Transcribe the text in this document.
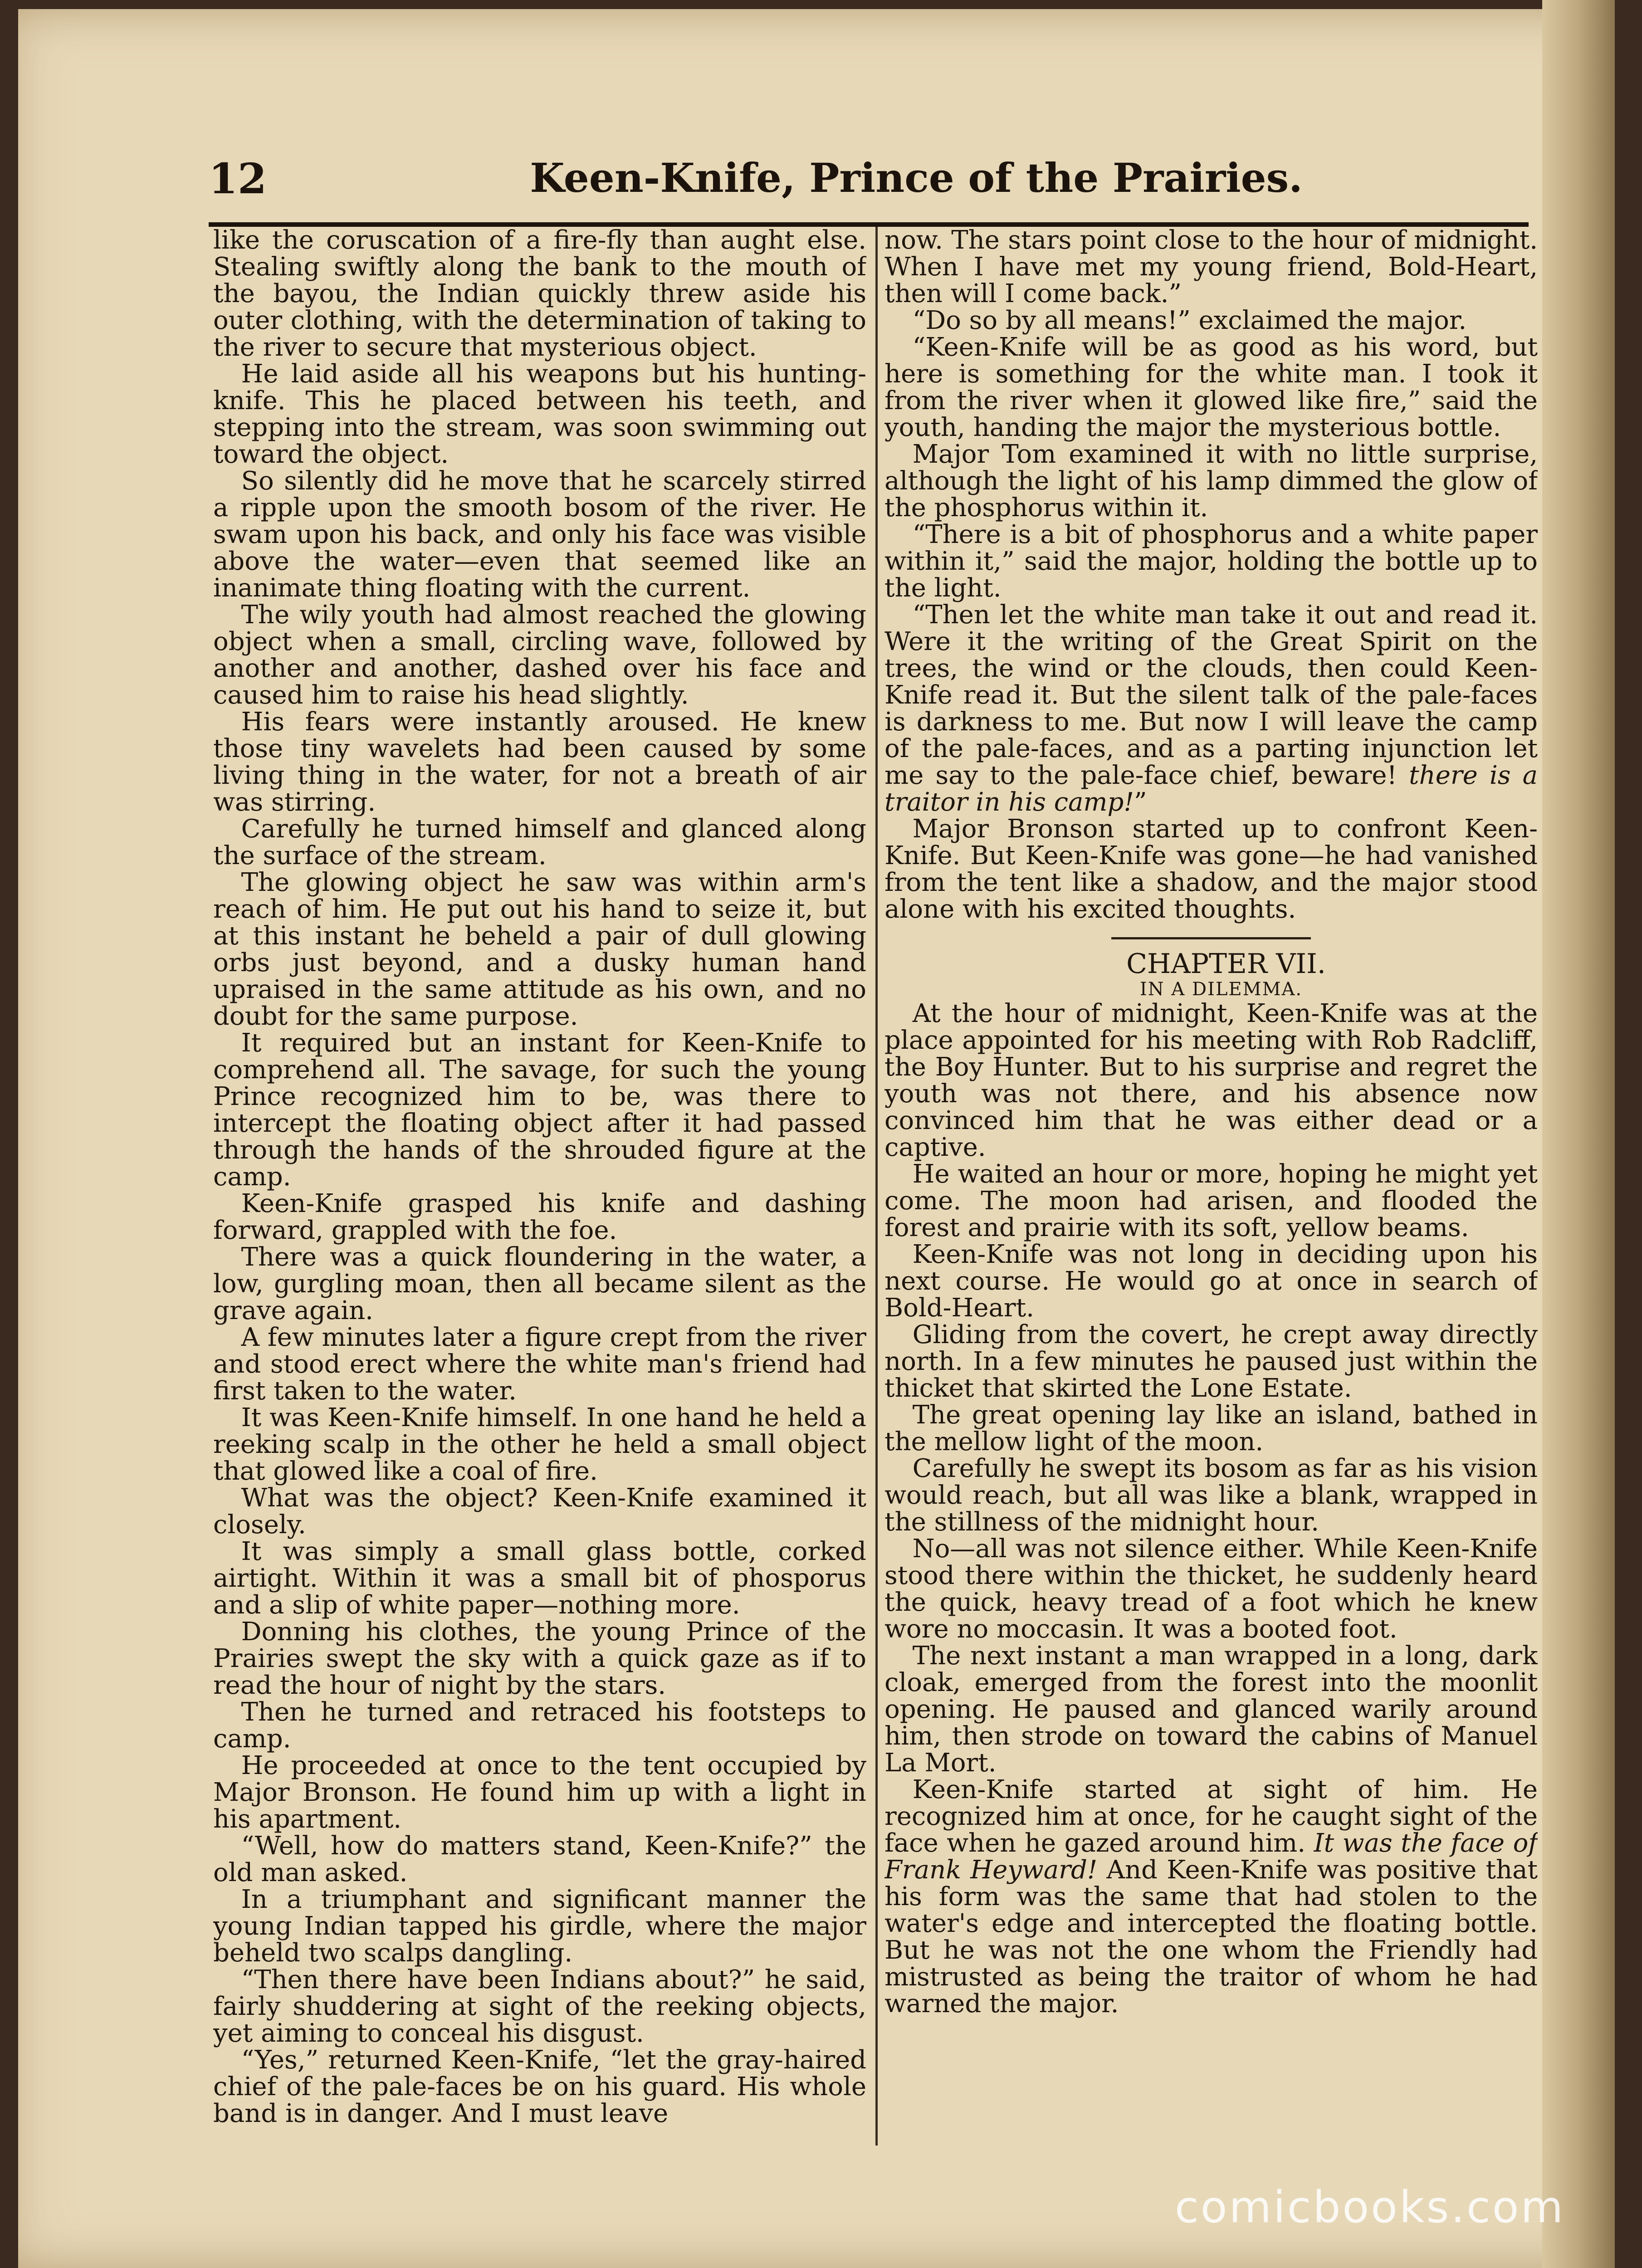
12	Keen-Knife, Prince of the Prairies.

like the coruscation of a fire-fly than aught else. Stealing swiftly along the bank to the mouth of the bayou, the Indian quickly threw aside his outer clothing, with the determination of taking to the river to secure that mysterious object.

He laid aside all his weapons but his hunting-knife. This he placed between his teeth, and stepping into the stream, was soon swimming out toward the object.

So silently did he move that he scarcely stirred a ripple upon the smooth bosom of the river. He swam upon his back, and only his face was visible above the water—even that seemed like an inanimate thing floating with the current.

The wily youth had almost reached the glowing object when a small, circling wave, followed by another and another, dashed over his face and caused him to raise his head slightly.

His fears were instantly aroused. He knew those tiny wavelets had been caused by some living thing in the water, for not a breath of air was stirring.

Carefully he turned himself and glanced along the surface of the stream.

The glowing object he saw was within arm's reach of him. He put out his hand to seize it, but at this instant he beheld a pair of dull glowing orbs just beyond, and a dusky human hand upraised in the same attitude as his own, and no doubt for the same purpose.

It required but an instant for Keen-Knife to comprehend all. The savage, for such the young Prince recognized him to be, was there to intercept the floating object after it had passed through the hands of the shrouded figure at the camp.

Keen-Knife grasped his knife and dashing forward, grappled with the foe.

There was a quick floundering in the water, a low, gurgling moan, then all became silent as the grave again.

A few minutes later a figure crept from the river and stood erect where the white man's friend had first taken to the water.

It was Keen-Knife himself. In one hand he held a reeking scalp in the other he held a small object that glowed like a coal of fire.

What was the object? Keen-Knife examined it closely.

It was simply a small glass bottle, corked airtight. Within it was a small bit of phosporus and a slip of white paper—nothing more.

Donning his clothes, the young Prince of the Prairies swept the sky with a quick gaze as if to read the hour of night by the stars.

Then he turned and retraced his footsteps to camp.

He proceeded at once to the tent occupied by Major Bronson. He found him up with a light in his apartment.

“Well, how do matters stand, Keen-Knife?” the old man asked.

In a triumphant and significant manner the young Indian tapped his girdle, where the major beheld two scalps dangling.

“Then there have been Indians about?” he said, fairly shuddering at sight of the reeking objects, yet aiming to conceal his disgust.

“Yes,” returned Keen-Knife, “let the gray-haired chief of the pale-faces be on his guard. His whole band is in danger. And I must leave

now. The stars point close to the hour of midnight. When I have met my young friend, Bold-Heart, then will I come back.”

“Do so by all means!” exclaimed the major.

“Keen-Knife will be as good as his word, but here is something for the white man. I took it from the river when it glowed like fire,” said the youth, handing the major the mysterious bottle.

Major Tom examined it with no little surprise, although the light of his lamp dimmed the glow of the phosphorus within it.

“There is a bit of phosphorus and a white paper within it,” said the major, holding the bottle up to the light.

“Then let the white man take it out and read it. Were it the writing of the Great Spirit on the trees, the wind or the clouds, then could Keen-Knife read it. But the silent talk of the pale-faces is darkness to me. But now I will leave the camp of the pale-faces, and as a parting injunction let me say to the pale-face chief, beware! there is a traitor in his camp!”

Major Bronson started up to confront Keen-Knife. But Keen-Knife was gone—he had vanished from the tent like a shadow, and the major stood alone with his excited thoughts.

CHAPTER VII.

IN A DILEMMA.

At the hour of midnight, Keen-Knife was at the place appointed for his meeting with Rob Radcliff, the Boy Hunter. But to his surprise and regret the youth was not there, and his absence now convinced him that he was either dead or a captive.

He waited an hour or more, hoping he might yet come. The moon had arisen, and flooded the forest and prairie with its soft, yellow beams.

Keen-Knife was not long in deciding upon his next course. He would go at once in search of Bold-Heart.

Gliding from the covert, he crept away directly north. In a few minutes he paused just within the thicket that skirted the Lone Estate.

The great opening lay like an island, bathed in the mellow light of the moon.

Carefully he swept its bosom as far as his vision would reach, but all was like a blank, wrapped in the stillness of the midnight hour.

No—all was not silence either. While Keen-Knife stood there within the thicket, he suddenly heard the quick, heavy tread of a foot which he knew wore no moccasin. It was a booted foot.

The next instant a man wrapped in a long, dark cloak, emerged from the forest into the moonlit opening. He paused and glanced warily around him, then strode on toward the cabins of Manuel La Mort.

Keen-Knife started at sight of him. He recognized him at once, for he caught sight of the face when he gazed around him. It was the face of Frank Heyward! And Keen-Knife was positive that his form was the same that had stolen to the water's edge and intercepted the floating bottle. But he was not the one whom the Friendly had mistrusted as being the traitor of whom he had warned the major.

comicbooks.com
